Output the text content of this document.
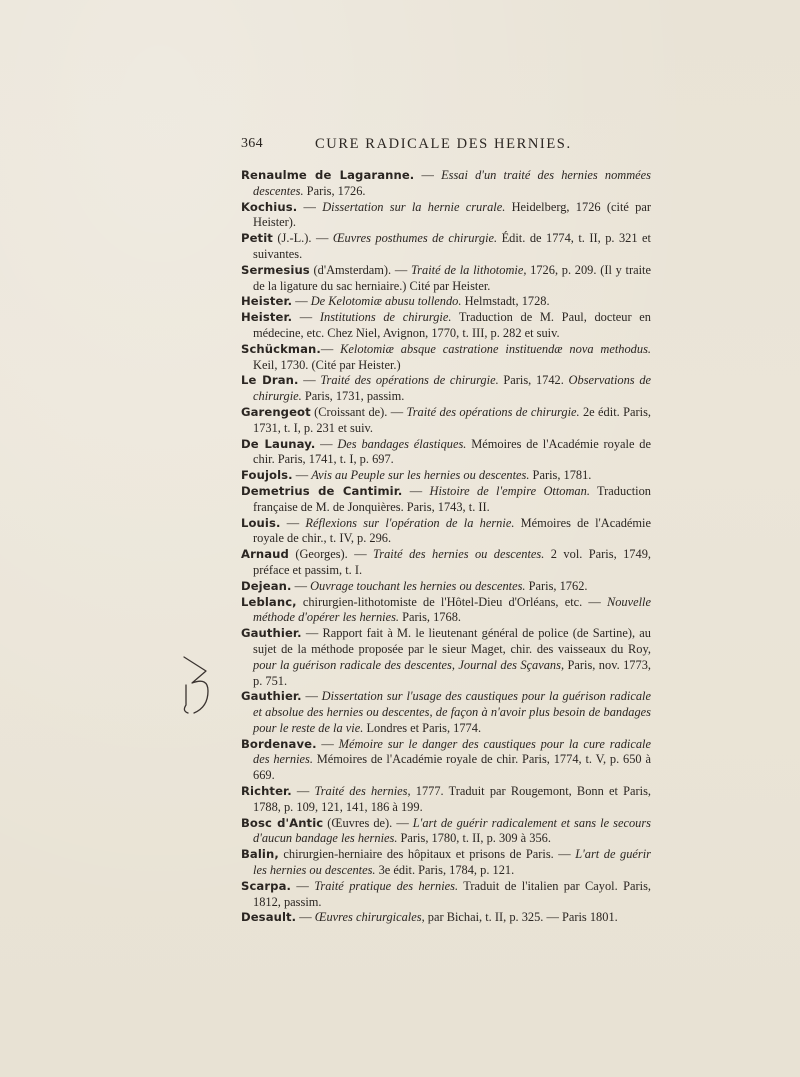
364	CURE RADICALE DES HERNIES.

Renaulme de Lagaranne. — Essai d'un traité des hernies nommées descentes. Paris, 1726.

Kochius. — Dissertation sur la hernie crurale. Heidelberg, 1726 (cité par Heister).

Petit (J.-L.). — Œuvres posthumes de chirurgie. Édit. de 1774, t. II, p. 321 et suivantes.

Sermesius (d'Amsterdam). — Traité de la lithotomie, 1726, p. 209. (Il y traite de la ligature du sac herniaire.) Cité par Heister.

Heister. — De Kelotomiæ abusu tollendo. Helmstadt, 1728.

Heister. — Institutions de chirurgie. Traduction de M. Paul, docteur en médecine, etc. Chez Niel, Avignon, 1770, t. III, p. 282 et suiv.

Schückman.— Kelotomiæ absque castratione instituendæ nova methodus. Keil, 1730. (Cité par Heister.)

Le Dran. — Traité des opérations de chirurgie. Paris, 1742. Observations de chirurgie. Paris, 1731, passim.

Garengeot (Croissant de). — Traité des opérations de chirurgie. 2e édit. Paris, 1731, t. I, p. 231 et suiv.

De Launay. — Des bandages élastiques. Mémoires de l'Académie royale de chir. Paris, 1741, t. I, p. 697.

Foujols. — Avis au Peuple sur les hernies ou descentes. Paris, 1781.

Demetrius de Cantimir. — Histoire de l'empire Ottoman. Traduction française de M. de Jonquières. Paris, 1743, t. II.

Louis. — Réflexions sur l'opération de la hernie. Mémoires de l'Académie royale de chir., t. IV, p. 296.

Arnaud (Georges). — Traité des hernies ou descentes. 2 vol. Paris, 1749, préface et passim, t. I.

Dejean. — Ouvrage touchant les hernies ou descentes. Paris, 1762.

Leblanc, chirurgien-lithotomiste de l'Hôtel-Dieu d'Orléans, etc. — Nouvelle méthode d'opérer les hernies. Paris, 1768.

Gauthier. — Rapport fait à M. le lieutenant général de police (de Sartine), au sujet de la méthode proposée par le sieur Maget, chir. des vaisseaux du Roy, pour la guérison radicale des descentes, Journal des Sçavans, Paris, nov. 1773, p. 751.

Gauthier. — Dissertation sur l'usage des caustiques pour la guérison radicale et absolue des hernies ou descentes, de façon à n'avoir plus besoin de bandages pour le reste de la vie. Londres et Paris, 1774.

Bordenave. — Mémoire sur le danger des caustiques pour la cure radicale des hernies. Mémoires de l'Académie royale de chir. Paris, 1774, t. V, p. 650 à 669.

Richter. — Traité des hernies, 1777. Traduit par Rougemont, Bonn et Paris, 1788, p. 109, 121, 141, 186 à 199.

Bosc d'Antic (Œuvres de). — L'art de guérir radicalement et sans le secours d'aucun bandage les hernies. Paris, 1780, t. II, p. 309 à 356.

Balin, chirurgien-herniaire des hôpitaux et prisons de Paris. — L'art de guérir les hernies ou descentes. 3e édit. Paris, 1784, p. 121.

Scarpa. — Traité pratique des hernies. Traduit de l'italien par Cayol. Paris, 1812, passim.

Desault. — Œuvres chirurgicales, par Bichai, t. II, p. 325. — Paris 1801.
